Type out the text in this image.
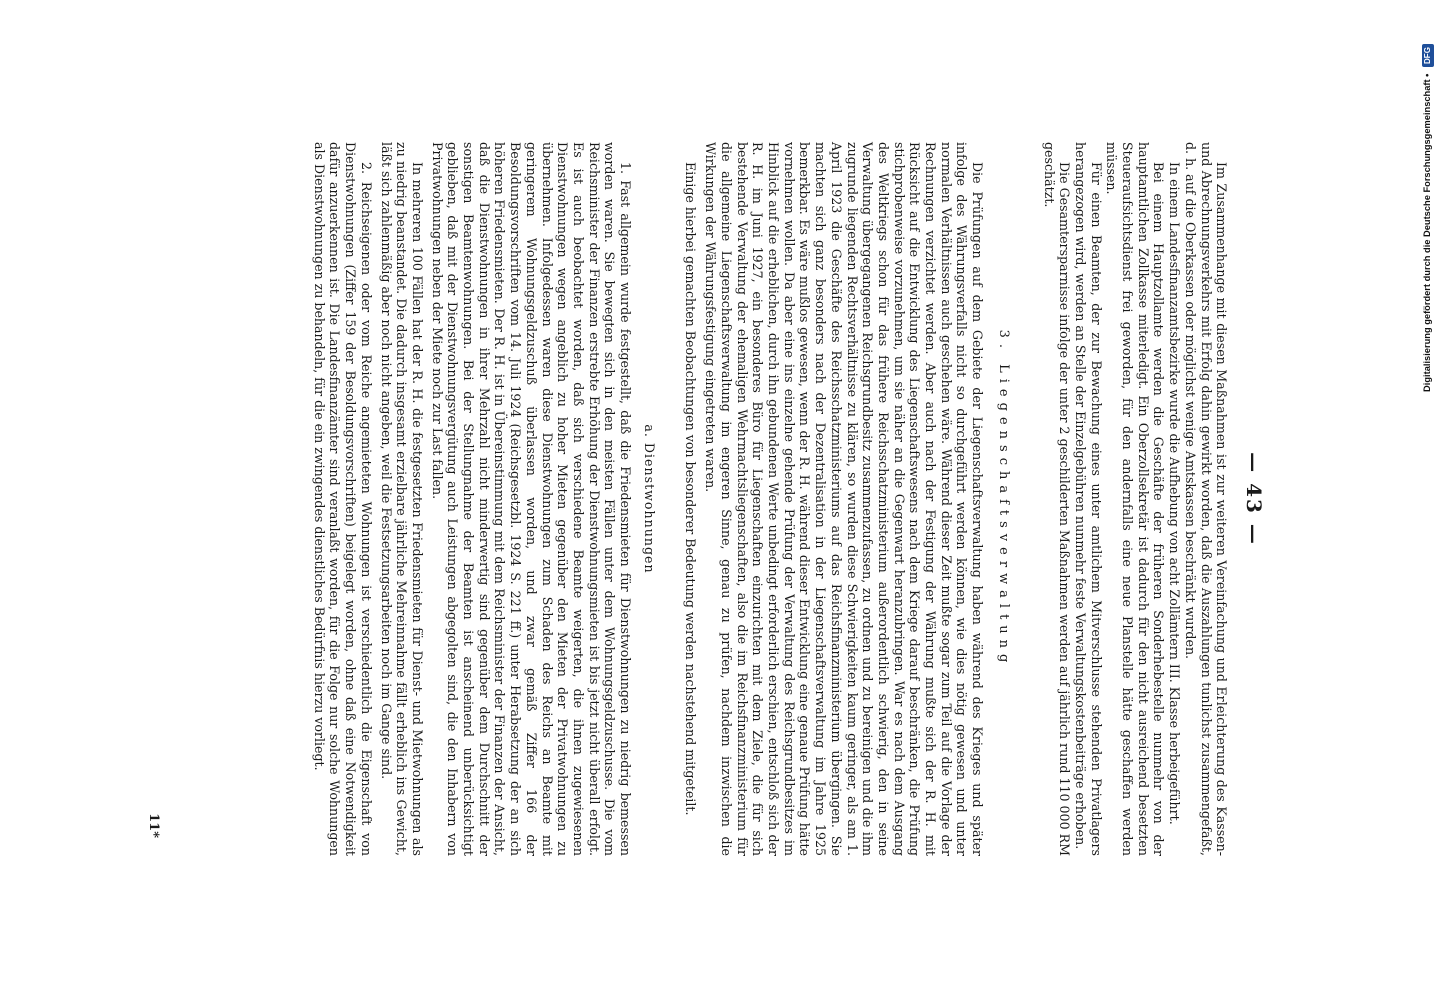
— 43 —

Im Zusammenhange mit diesen Maßnahmen ist zur weiteren Vereinfachung und Erleichterung des Kassen- und Abrechnungsverkehrs mit Erfolg dahin gewirkt worden, daß die Auszahlungen tunlichst zusammengefaßt, d. h. auf die Oberkassen oder möglichst wenige Amtskassen beschränkt wurden.

In einem Landesfinanzamtsbezirke wurde die Aufhebung von acht Zollämtern III. Klasse herbeigeführt.

Bei einem Hauptzollamte werden die Geschäfte der früheren Sonderhebestelle nunmehr von der hauptamtlichen Zollkasse miterledigt. Ein Oberzollsekretär ist dadurch für den nicht ausreichend besetzten Steueraufsichtsdienst frei geworden, für den andernfalls eine neue Planstelle hätte geschaffen werden müssen.

Für einen Beamten, der zur Bewachung eines unter amtlichem Mitverschlusse stehenden Privatlagers herangezogen wird, werden an Stelle der Einzelgebühren nunmehr feste Verwaltungskostenbeiträge erhoben.

Die Gesamtersparnisse infolge der unter 2 geschilderten Maßnahmen werden auf jährlich rund 110 000 RM geschätzt.

3. Liegenschaftsverwaltung

Die Prüfungen auf dem Gebiete der Liegenschaftsverwaltung haben während des Krieges und später infolge des Währungsverfalls nicht so durchgeführt werden können, wie dies nötig gewesen und unter normalen Verhältnissen auch geschehen wäre. Während dieser Zeit mußte sogar zum Teil auf die Vorlage der Rechnungen verzichtet werden. Aber auch nach der Festigung der Währung mußte sich der R. H. mit Rücksicht auf die Entwicklung des Liegenschaftswesens nach dem Kriege darauf beschränken, die Prüfung stichprobenweise vorzunehmen, um sie näher an die Gegenwart heranzubringen. War es nach dem Ausgang des Weltkriegs schon für das frühere Reichsschatzministerium außerordentlich schwierig, den in seine Verwaltung übergegangenen Reichsgrundbesitz zusammenzufassen, zu ordnen und zu bereinigen und die ihm zugrunde liegenden Rechtsverhältnisse zu klären, so wurden diese Schwierigkeiten kaum geringer, als am 1. April 1923 die Geschäfte des Reichsschatzministeriums auf das Reichsfinanzministerium übergingen. Sie machten sich ganz besonders nach der Dezentralisation in der Liegenschaftsverwaltung im Jahre 1925 bemerkbar. Es wäre mußlos gewesen, wenn der R. H. während dieser Entwicklung eine genaue Prüfung hätte vornehmen wollen. Da aber eine ins einzelne gehende Prüfung der Verwaltung des Reichsgrundbesitzes im Hinblick auf die erheblichen, durch ihn gebundenen Werte unbedingt erforderlich erschien, entschloß sich der R. H. im Juni 1927, ein besonderes Büro für Liegenschaften einzurichten mit dem Ziele, die für sich bestehende Verwaltung der ehemaligen Wehrmachtsliegenschaften, also die im Reichsfinanzministerium für die allgemeine Liegenschaftsverwaltung im engeren Sinne, genau zu prüfen, nachdem inzwischen die Wirkungen der Währungsfestigung eingetreten waren.

Einige hierbei gemachten Beobachtungen von besonderer Bedeutung werden nachstehend mitgeteilt.

a. Dienstwohnungen

1. Fast allgemein wurde festgestellt, daß die Friedensmieten für Dienstwohnungen zu niedrig bemessen worden waren. Sie bewegten sich in den meisten Fällen unter dem Wohnungsgeldzuschusse. Die vom Reichsminister der Finanzen erstrebte Erhöhung der Dienstwohnungsmieten ist bis jetzt nicht überall erfolgt. Es ist auch beobachtet worden, daß sich verschiedene Beamte weigerten, die ihnen zugewiesenen Dienstwohnungen wegen angeblich zu hoher Mieten gegenüber den Mieten der Privatwohnungen zu übernehmen. Infolgedessen waren diese Dienstwohnungen zum Schaden des Reichs an Beamte mit geringerem Wohnungsgeldzuschuß überlassen worden, und zwar gemäß Ziffer 166 der Besoldungsvorschriften vom 14. Juli 1924 (Reichsgesetzbl. 1924 S. 221 ff.) unter Herabsetzung der an sich höheren Friedensmieten. Der R. H. ist in Übereinstimmung mit dem Reichsminister der Finanzen der Ansicht, daß die Dienstwohnungen in ihrer Mehrzahl nicht minderwertig sind gegenüber dem Durchschnitt der sonstigen Beamtenwohnungen. Bei der Stellungnahme der Beamten ist anscheinend unberücksichtigt geblieben, daß mit der Dienstwohnungsvergütung auch Leistungen abgegolten sind, die den Inhabern von Privatwohnungen neben der Miete noch zur Last fallen.

In mehreren 100 Fällen hat der R. H. die festgesetzten Friedensmieten für Dienst- und Mietwohnungen als zu niedrig beanstandet. Die dadurch insgesamt erzielbare jährliche Mehreinnahme fällt erheblich ins Gewicht, läßt sich zahlenmäßig aber noch nicht angeben, weil die Festsetzungsarbeiten noch im Gange sind.

2. Reichseigenen oder vom Reiche angemieteten Wohnungen ist verschiedentlich die Eigenschaft von Dienstwohnungen (Ziffer 159 der Besoldungsvorschriften) beigelegt worden, ohne daß eine Notwendigkeit dafür anzuerkennen ist. Die Landesfinanzämter sind veranlaßt worden, für die Folge nur solche Wohnungen als Dienstwohnungen zu behandeln, für die ein zwingendes dienstliches Bedürfnis hierzu vorliegt.

11*
Digitalisierung gefördert durch die Deutsche Forschungsgemeinschaft • DFG
